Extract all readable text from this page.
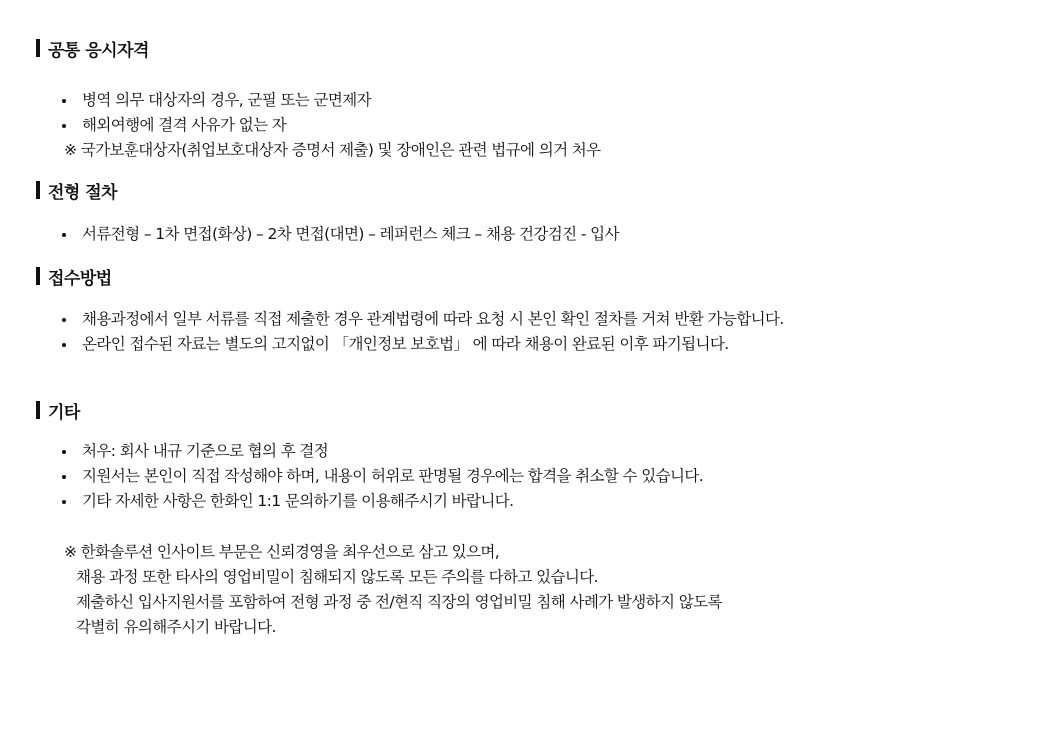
공통 응시자격
병역 의무 대상자의 경우, 군필 또는 군면제자
해외여행에 결격 사유가 없는 자
※ 국가보훈대상자(취업보호대상자 증명서 제출) 및 장애인은 관련 법규에 의거 처우
전형 절차
서류전형 – 1차 면접(화상) – 2차 면접(대면) – 레퍼런스 체크 – 채용 건강검진 - 입사
접수방법
채용과정에서 일부 서류를 직접 제출한 경우 관계법령에 따라 요청 시 본인 확인 절차를 거쳐 반환 가능합니다.
온라인 접수된 자료는 별도의 고지없이 「개인정보 보호법」 에 따라 채용이 완료된 이후 파기됩니다.
기타
처우: 회사 내규 기준으로 협의 후 결정
지원서는 본인이 직접 작성해야 하며, 내용이 허위로 판명될 경우에는 합격을 취소할 수 있습니다.
기타 자세한 사항은 한화인 1:1 문의하기를 이용해주시기 바랍니다.
※ 한화솔루션 인사이트 부문은 신뢰경영을 최우선으로 삼고 있으며,
채용 과정 또한 타사의 영업비밀이 침해되지 않도록 모든 주의를 다하고 있습니다.
제출하신 입사지원서를 포함하여 전형 과정 중 전/현직 직장의 영업비밀 침해 사례가 발생하지 않도록
각별히 유의해주시기 바랍니다.
